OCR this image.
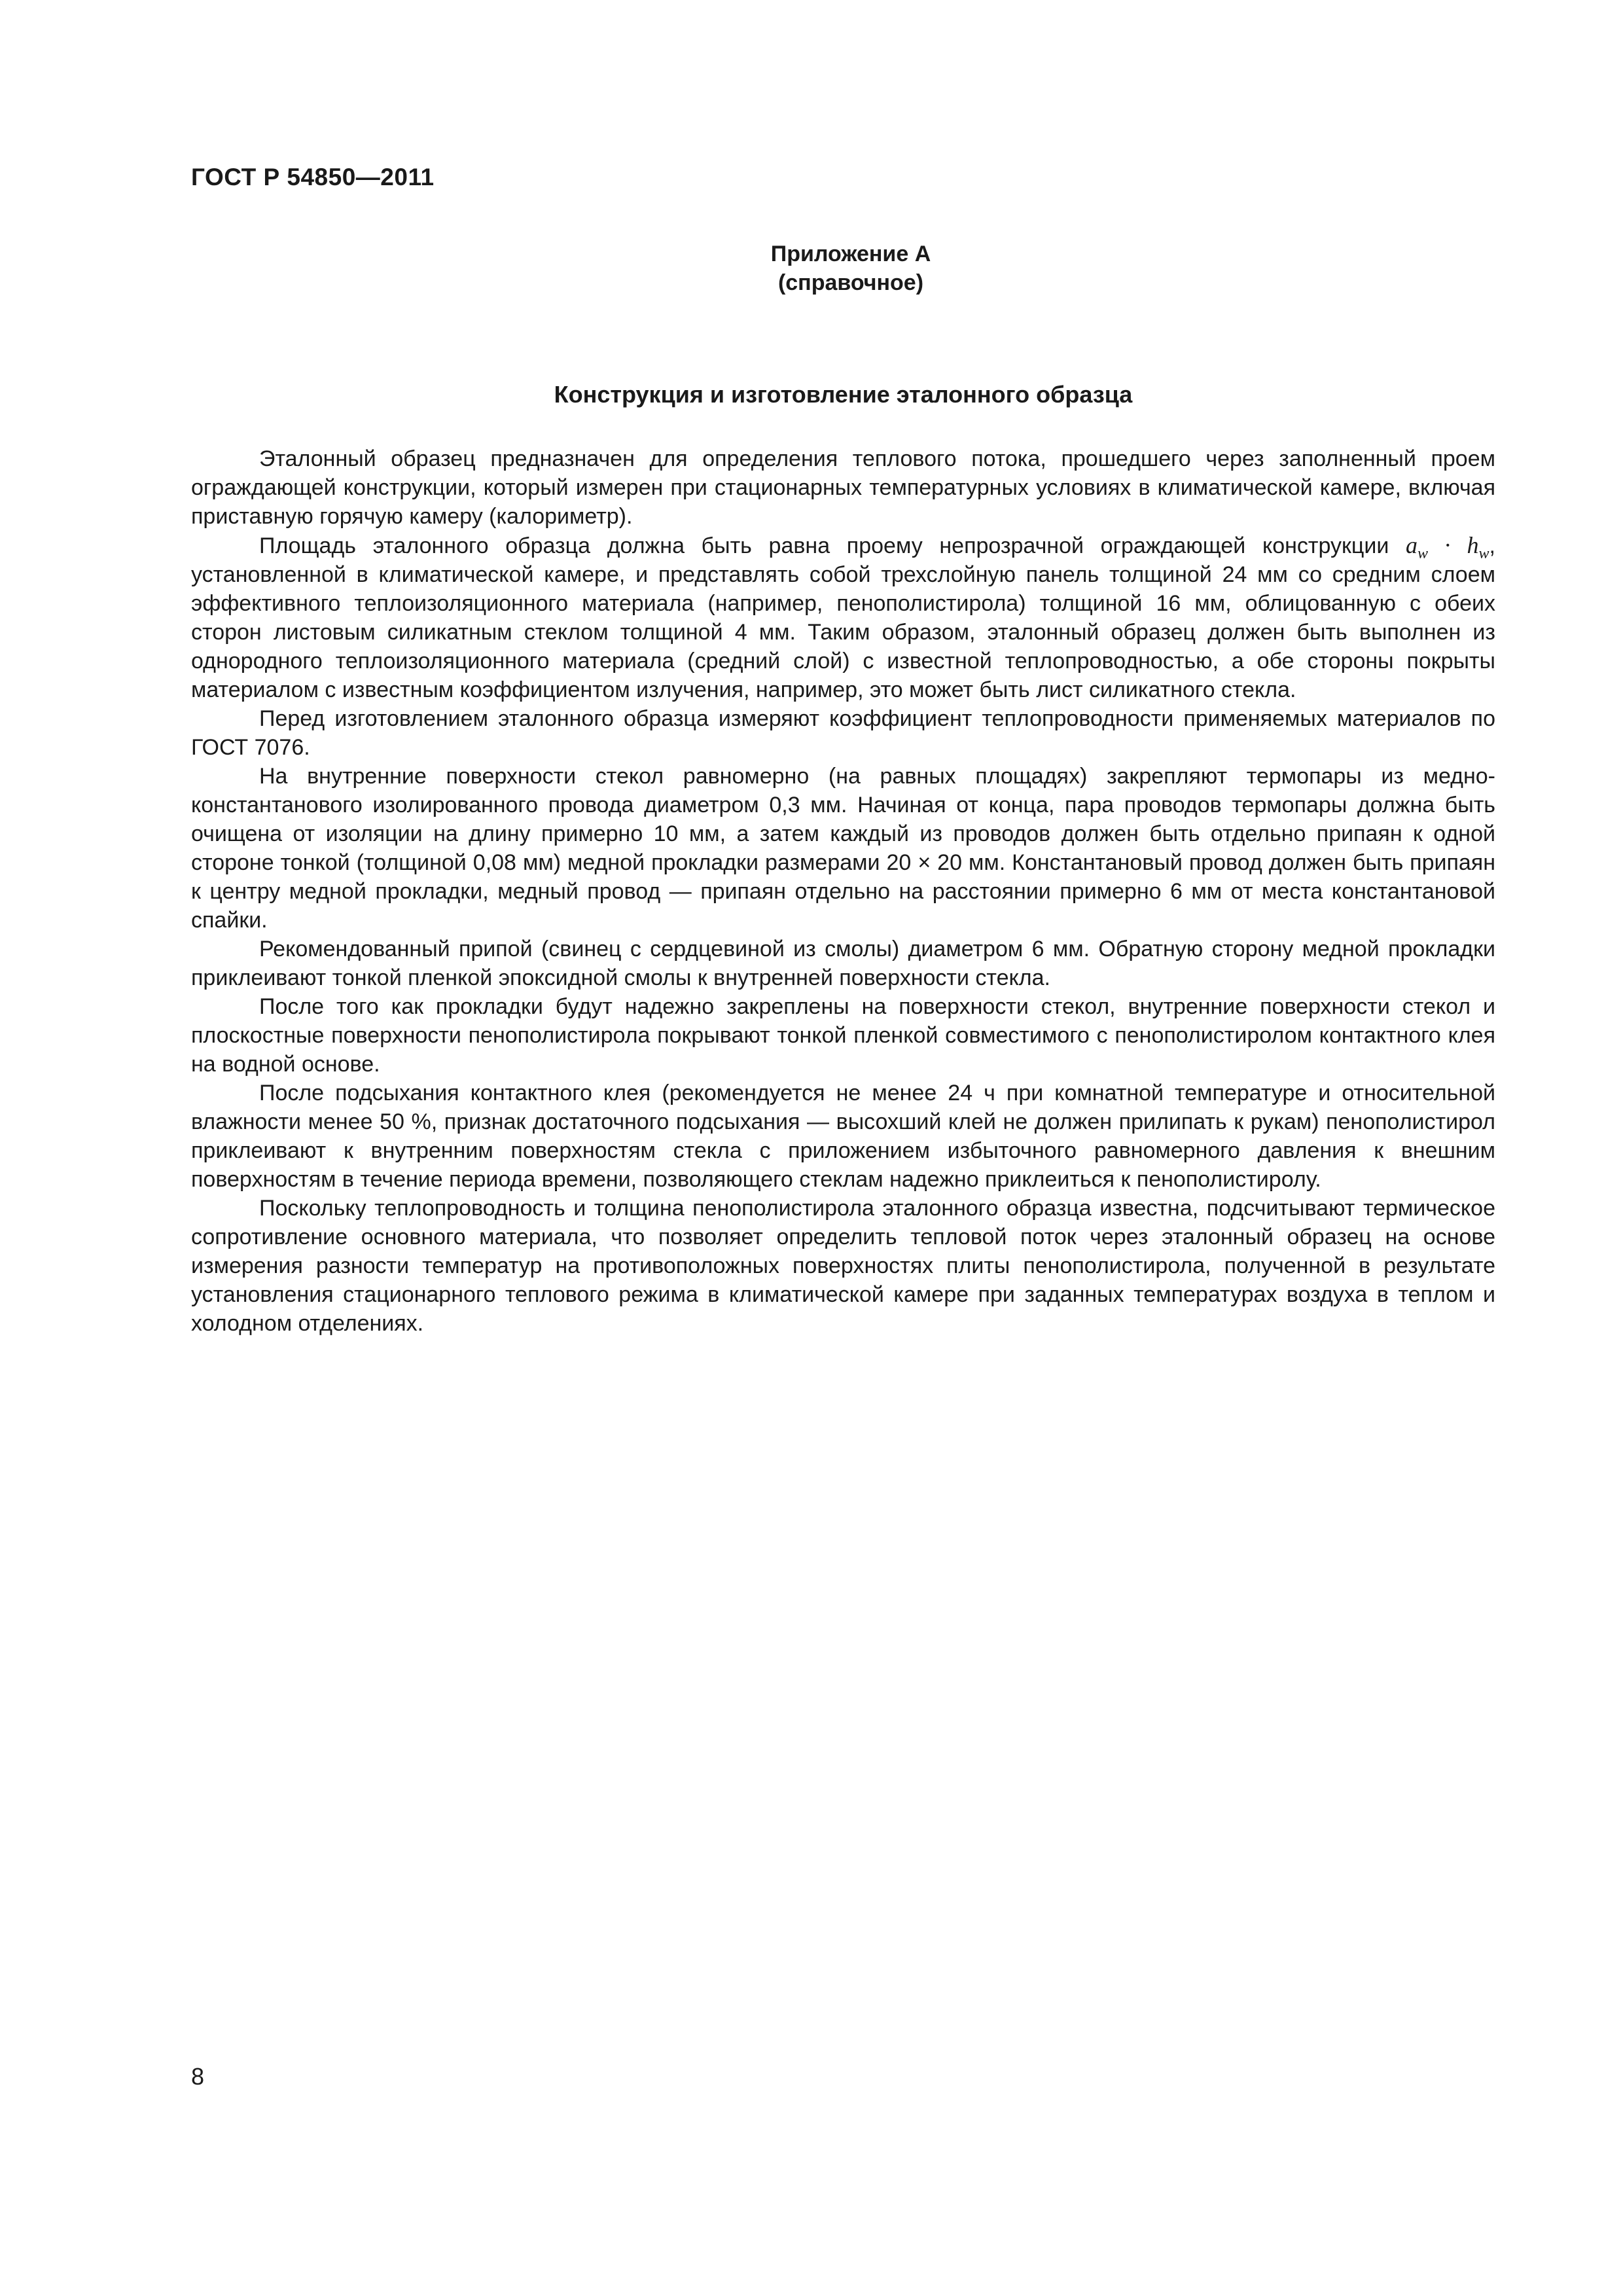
ГОСТ Р 54850—2011
Приложение А
(справочное)
Конструкция и изготовление эталонного образца

Эталонный образец предназначен для определения теплового потока, прошедшего через заполненный проем ограждающей конструкции, который измерен при стационарных температурных условиях в климатической камере, включая приставную горячую камеру (калориметр).

Площадь эталонного образца должна быть равна проему непрозрачной ограждающей конструкции $a_w \cdot h_w$, установленной в климатической камере, и представлять собой трехслойную панель толщиной 24 мм со средним слоем эффективного теплоизоляционного материала (например, пенополистирола) толщиной 16 мм, облицованную с обеих сторон листовым силикатным стеклом толщиной 4 мм. Таким образом, эталонный образец должен быть выполнен из однородного теплоизоляционного материала (средний слой) с известной теплопроводностью, а обе стороны покрыты материалом с известным коэффициентом излучения, например, это может быть лист силикатного стекла.

Перед изготовлением эталонного образца измеряют коэффициент теплопроводности применяемых материалов по ГОСТ 7076.

На внутренние поверхности стекол равномерно (на равных площадях) закрепляют термопары из медно-константанового изолированного провода диаметром 0,3 мм. Начиная от конца, пара проводов термопары должна быть очищена от изоляции на длину примерно 10 мм, а затем каждый из проводов должен быть отдельно припаян к одной стороне тонкой (толщиной 0,08 мм) медной прокладки размерами 20 × 20 мм. Константановый провод должен быть припаян к центру медной прокладки, медный провод — припаян отдельно на расстоянии примерно 6 мм от места константановой спайки.

Рекомендованный припой (свинец с сердцевиной из смолы) диаметром 6 мм. Обратную сторону медной прокладки приклеивают тонкой пленкой эпоксидной смолы к внутренней поверхности стекла.

После того как прокладки будут надежно закреплены на поверхности стекол, внутренние поверхности стекол и плоскостные поверхности пенополистирола покрывают тонкой пленкой совместимого с пенополистиролом контактного клея на водной основе.

После подсыхания контактного клея (рекомендуется не менее 24 ч при комнатной температуре и относительной влажности менее 50 %, признак достаточного подсыхания — высохший клей не должен прилипать к рукам) пенополистирол приклеивают к внутренним поверхностям стекла с приложением избыточного равномерного давления к внешним поверхностям в течение периода времени, позволяющего стеклам надежно приклеиться к пенополистиролу.

Поскольку теплопроводность и толщина пенополистирола эталонного образца известна, подсчитывают термическое сопротивление основного материала, что позволяет определить тепловой поток через эталонный образец на основе измерения разности температур на противоположных поверхностях плиты пенополистирола, полученной в результате установления стационарного теплового режима в климатической камере при заданных температурах воздуха в теплом и холодном отделениях.

8
